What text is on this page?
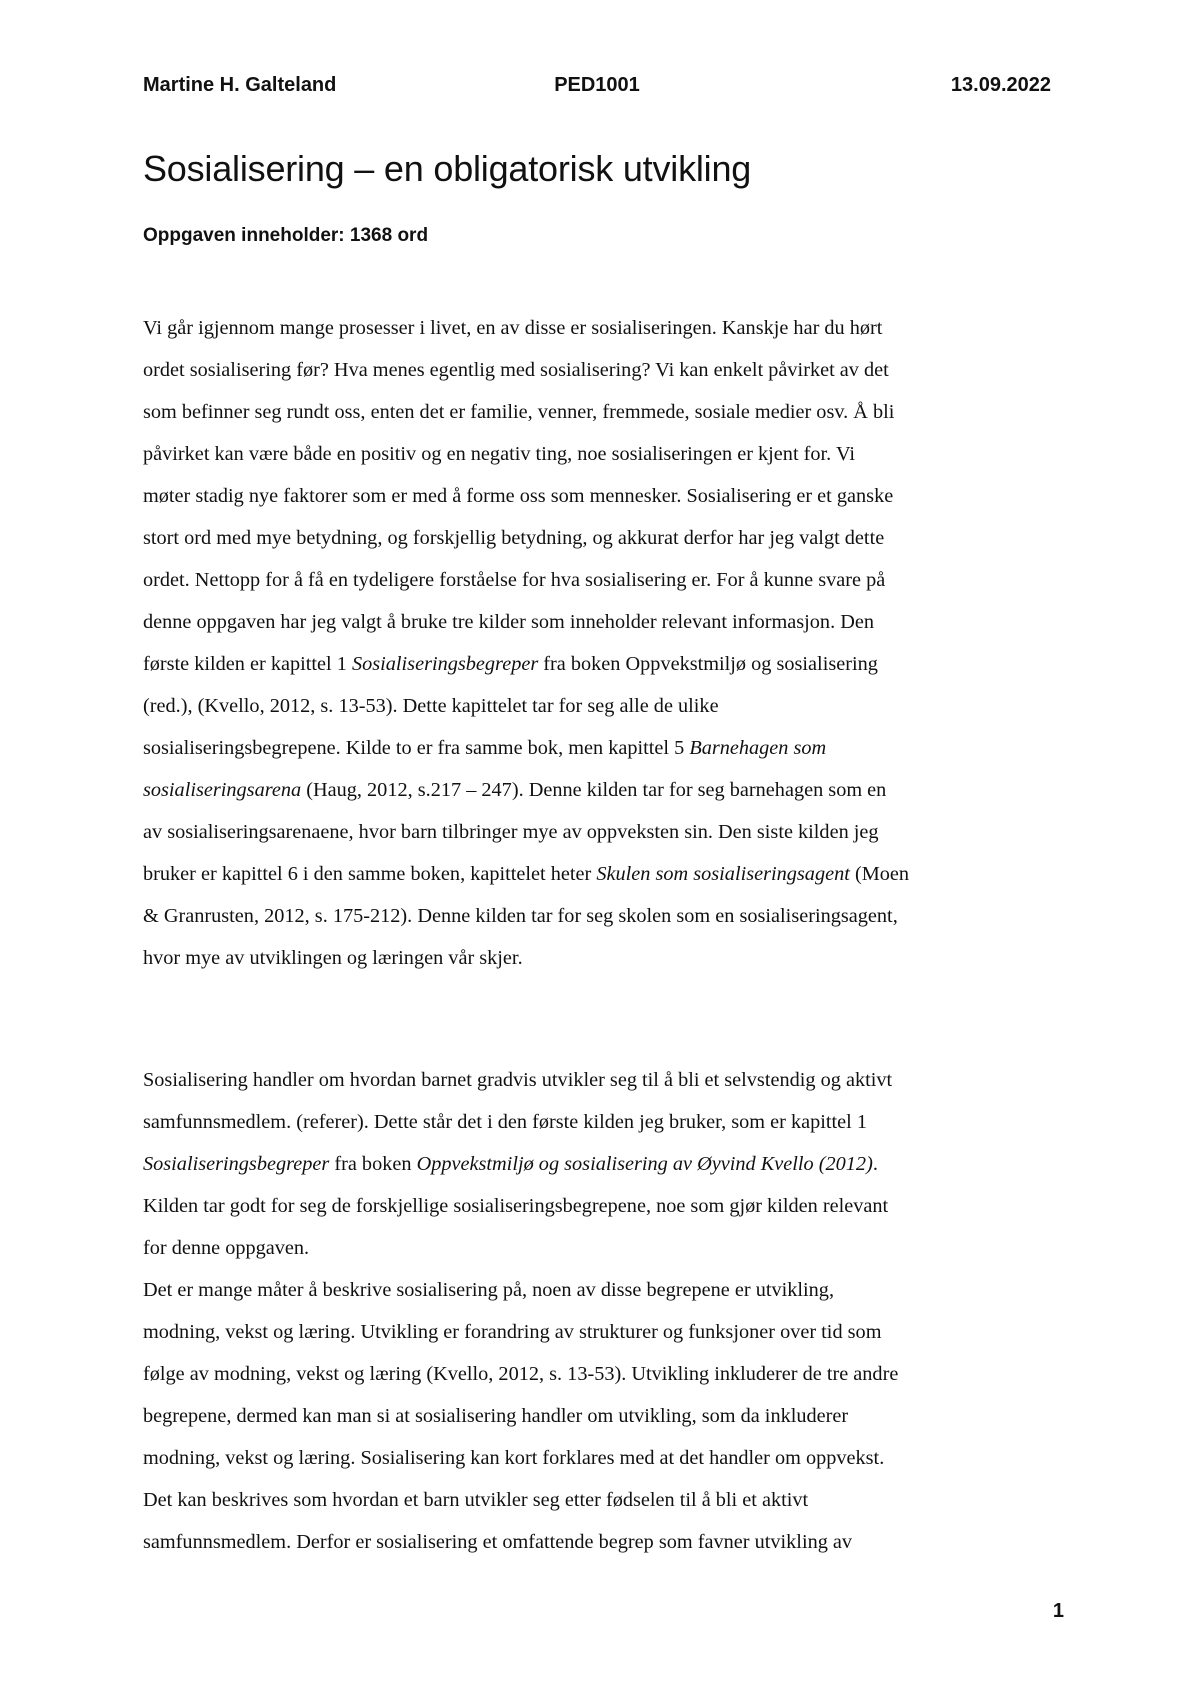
Martine H. Galteland	PED1001	13.09.2022
Sosialisering – en obligatorisk utvikling

Oppgaven inneholder: 1368 ord

Vi går igjennom mange prosesser i livet, en av disse er sosialiseringen. Kanskje har du hørt
ordet sosialisering før? Hva menes egentlig med sosialisering? Vi kan enkelt påvirket av det
som befinner seg rundt oss, enten det er familie, venner, fremmede, sosiale medier osv. Å bli
påvirket kan være både en positiv og en negativ ting, noe sosialiseringen er kjent for. Vi
møter stadig nye faktorer som er med å forme oss som mennesker. Sosialisering er et ganske
stort ord med mye betydning, og forskjellig betydning, og akkurat derfor har jeg valgt dette
ordet. Nettopp for å få en tydeligere forståelse for hva sosialisering er. For å kunne svare på
denne oppgaven har jeg valgt å bruke tre kilder som inneholder relevant informasjon. Den
første kilden er kapittel 1 Sosialiseringsbegreper fra boken Oppvekstmiljø og sosialisering
(red.), (Kvello, 2012, s. 13-53). Dette kapittelet tar for seg alle de ulike
sosialiseringsbegrepene. Kilde to er fra samme bok, men kapittel 5 Barnehagen som
sosialiseringsarena (Haug, 2012, s.217 – 247). Denne kilden tar for seg barnehagen som en
av sosialiseringsarenaene, hvor barn tilbringer mye av oppveksten sin. Den siste kilden jeg
bruker er kapittel 6 i den samme boken, kapittelet heter Skulen som sosialiseringsagent (Moen
& Granrusten, 2012, s. 175-212). Denne kilden tar for seg skolen som en sosialiseringsagent,
hvor mye av utviklingen og læringen vår skjer.
Sosialisering handler om hvordan barnet gradvis utvikler seg til å bli et selvstendig og aktivt
samfunnsmedlem. (referer). Dette står det i den første kilden jeg bruker, som er kapittel 1
Sosialiseringsbegreper fra boken Oppvekstmiljø og sosialisering av Øyvind Kvello (2012).
Kilden tar godt for seg de forskjellige sosialiseringsbegrepene, noe som gjør kilden relevant
for denne oppgaven.
Det er mange måter å beskrive sosialisering på, noen av disse begrepene er utvikling,
modning, vekst og læring. Utvikling er forandring av strukturer og funksjoner over tid som
følge av modning, vekst og læring (Kvello, 2012, s. 13-53). Utvikling inkluderer de tre andre
begrepene, dermed kan man si at sosialisering handler om utvikling, som da inkluderer
modning, vekst og læring. Sosialisering kan kort forklares med at det handler om oppvekst.
Det kan beskrives som hvordan et barn utvikler seg etter fødselen til å bli et aktivt
samfunnsmedlem. Derfor er sosialisering et omfattende begrep som favner utvikling av
1
